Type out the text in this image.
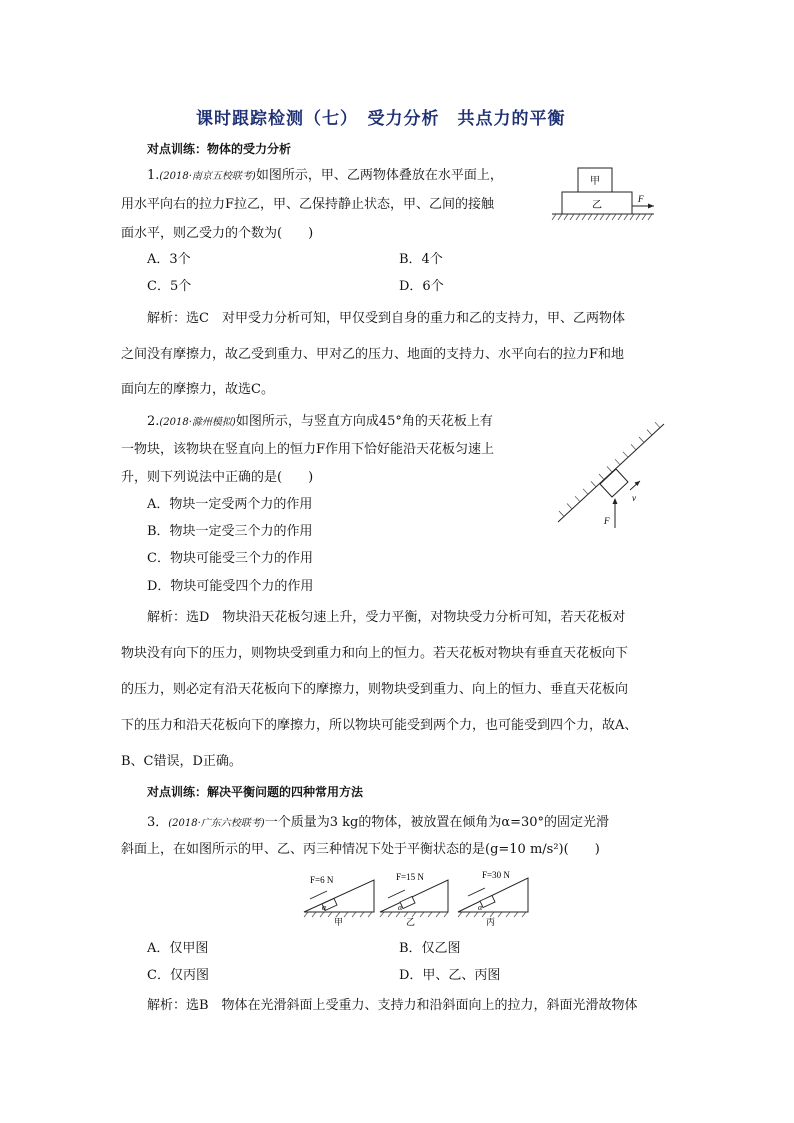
课时跟踪检测（七）　受力分析　共点力的平衡
对点训练：物体的受力分析
1.(2018·南京五校联考)如图所示，甲、乙两物体叠放在水平面上，
用水平向右的拉力F拉乙，甲、乙保持静止状态，甲、乙间的接触
面水平，则乙受力的个数为(　　)
甲
乙
F
A．3个	B．4个
C．5个	D．6个
解析：选C　对甲受力分析可知，甲仅受到自身的重力和乙的支持力，甲、乙两物体
之间没有摩擦力，故乙受到重力、甲对乙的压力、地面的支持力、水平向右的拉力F和地
面向左的摩擦力，故选C。
2.(2018·滁州模拟)如图所示，与竖直方向成45°角的天花板上有
一物块，该物块在竖直向上的恒力F作用下恰好能沿天花板匀速上
升，则下列说法中正确的是(　　)
v
F
A．物块一定受两个力的作用
B．物块一定受三个力的作用
C．物块可能受三个力的作用
D．物块可能受四个力的作用
解析：选D　物块沿天花板匀速上升，受力平衡，对物块受力分析可知，若天花板对
物块没有向下的压力，则物块受到重力和向上的恒力。若天花板对物块有垂直天花板向下
的压力，则必定有沿天花板向下的摩擦力，则物块受到重力、向上的恒力、垂直天花板向
下的压力和沿天花板向下的摩擦力，所以物块可能受到两个力，也可能受到四个力，故A、
B、C错误，D正确。
对点训练：解决平衡问题的四种常用方法
3．(2018·广东六校联考)一个质量为3 kg的物体，被放置在倾角为α=30°的固定光滑
斜面上，在如图所示的甲、乙、丙三种情况下处于平衡状态的是(g=10 m/s²)(　　)
F=6 N
α
甲
F=15 N
α
乙
F=30 N
α
丙
A．仅甲图	B．仅乙图
C．仅丙图	D．甲、乙、丙图
解析：选B　物体在光滑斜面上受重力、支持力和沿斜面向上的拉力，斜面光滑故物体
